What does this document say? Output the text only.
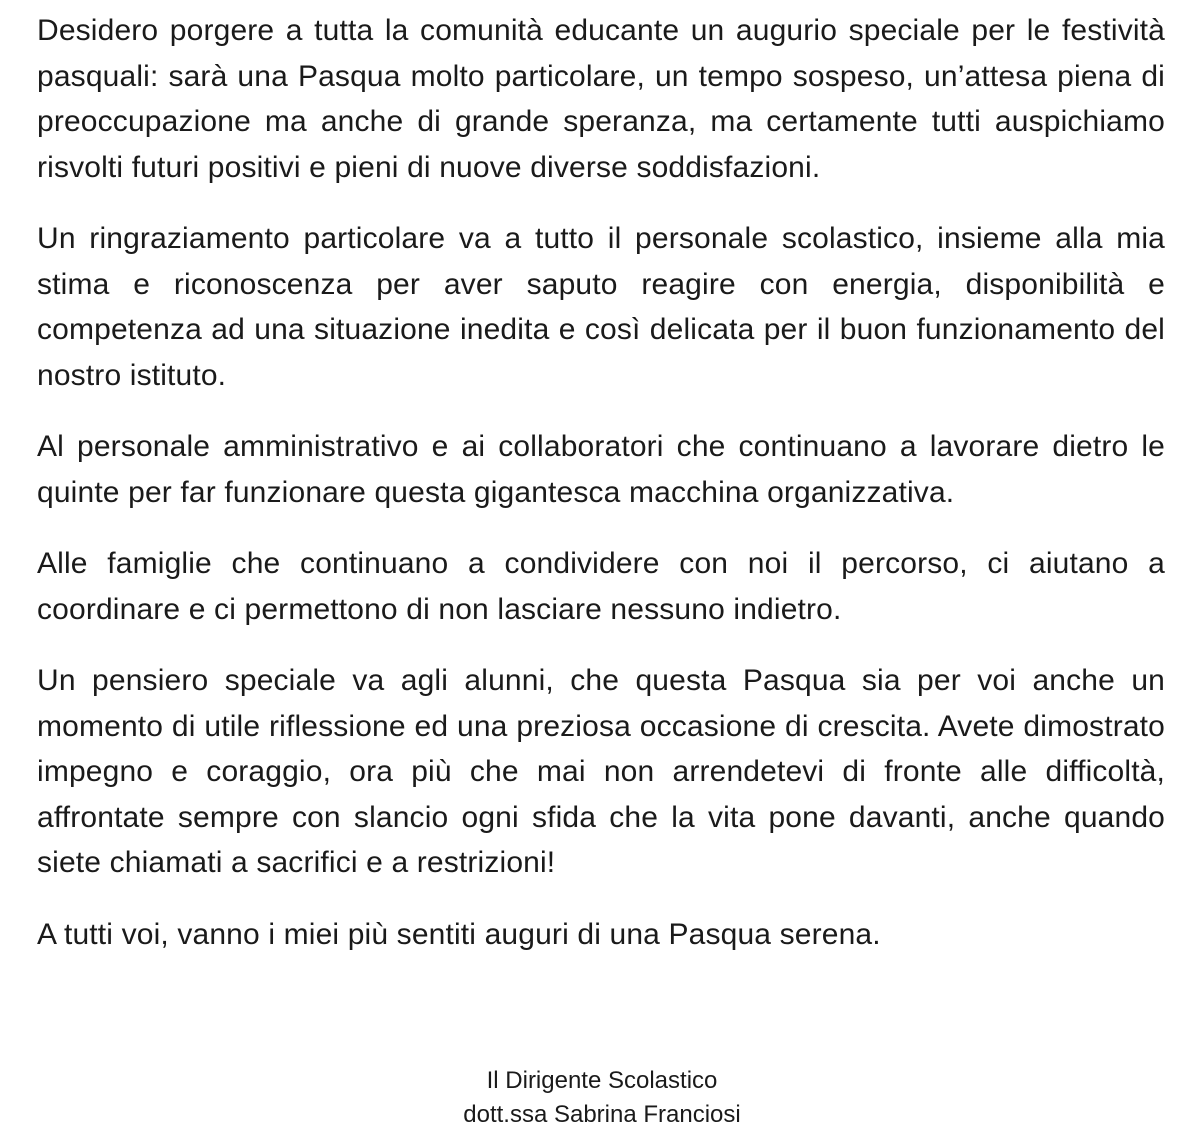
Desidero porgere a tutta la comunità educante un augurio speciale per le festività pasquali: sarà una Pasqua molto particolare, un tempo sospeso, un’attesa piena di preoccupazione ma anche di grande speranza, ma certamente tutti auspichiamo risvolti futuri positivi e pieni di nuove diverse soddisfazioni.

Un ringraziamento particolare va a tutto il personale scolastico, insieme alla mia stima e riconoscenza per aver saputo reagire con energia, disponibilità e competenza ad una situazione inedita e così delicata per il buon funzionamento del nostro istituto.

Al personale amministrativo e ai collaboratori che continuano a lavorare dietro le quinte per far funzionare questa gigantesca macchina organizzativa.

Alle famiglie che continuano a condividere con noi il percorso, ci aiutano a coordinare e ci permettono di non lasciare nessuno indietro.

Un pensiero speciale va agli alunni, che questa Pasqua sia per voi anche un momento di utile riflessione ed una preziosa occasione di crescita. Avete dimostrato impegno e coraggio, ora più che mai non arrendetevi di fronte alle difficoltà, affrontate sempre con slancio ogni sfida che la vita pone davanti, anche quando siete chiamati a sacrifici e a restrizioni!

A tutti voi, vanno i miei più sentiti auguri di una Pasqua serena.

Il Dirigente Scolastico
dott.ssa Sabrina Franciosi
